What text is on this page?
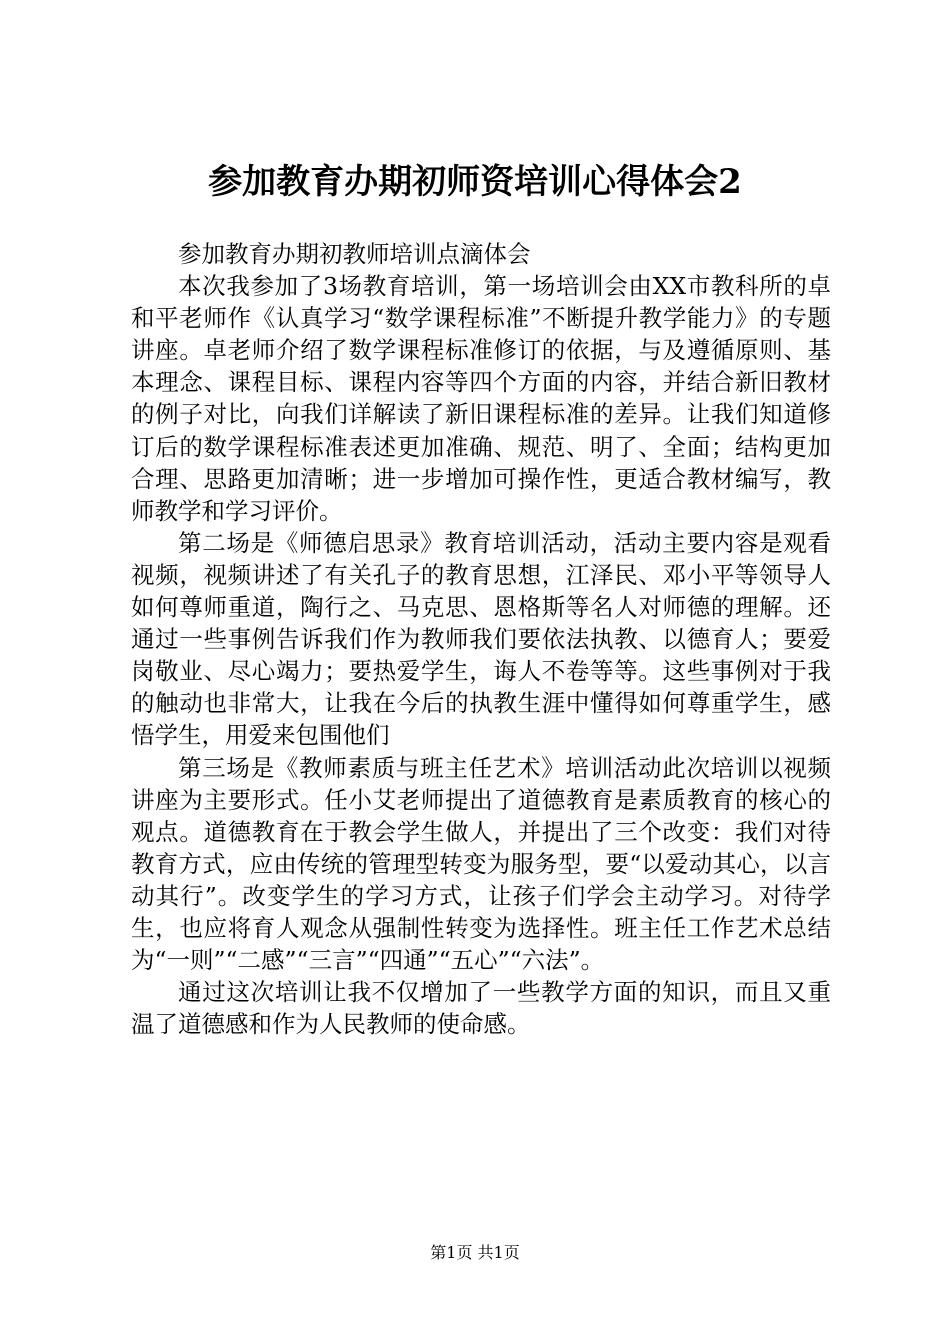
参加教育办期初师资培训心得体会2

参加教育办期初教师培训点滴体会

本次我参加了3场教育培训，第一场培训会由XX市教科所的卓和平老师作《认真学习“数学课程标准”不断提升教学能力》的专题讲座。卓老师介绍了数学课程标准修订的依据，与及遵循原则、基本理念、课程目标、课程内容等四个方面的内容，并结合新旧教材的例子对比，向我们详解读了新旧课程标准的差异。让我们知道修订后的数学课程标准表述更加准确、规范、明了、全面；结构更加合理、思路更加清晰；进一步增加可操作性，更适合教材编写，教师教学和学习评价。

第二场是《师德启思录》教育培训活动，活动主要内容是观看视频，视频讲述了有关孔子的教育思想，江泽民、邓小平等领导人如何尊师重道，陶行之、马克思、恩格斯等名人对师德的理解。还通过一些事例告诉我们作为教师我们要依法执教、以德育人；要爱岗敬业、尽心竭力；要热爱学生，诲人不卷等等。这些事例对于我的触动也非常大，让我在今后的执教生涯中懂得如何尊重学生，感悟学生，用爱来包围他们

第三场是《教师素质与班主任艺术》培训活动此次培训以视频讲座为主要形式。任小艾老师提出了道德教育是素质教育的核心的观点。道德教育在于教会学生做人，并提出了三个改变：我们对待教育方式，应由传统的管理型转变为服务型，要“以爱动其心，以言动其行”。改变学生的学习方式，让孩子们学会主动学习。对待学生，也应将育人观念从强制性转变为选择性。班主任工作艺术总结为“一则”“二感”“三言”“四通”“五心”“六法”。

通过这次培训让我不仅增加了一些教学方面的知识，而且又重温了道德感和作为人民教师的使命感。

第1页 共1页
